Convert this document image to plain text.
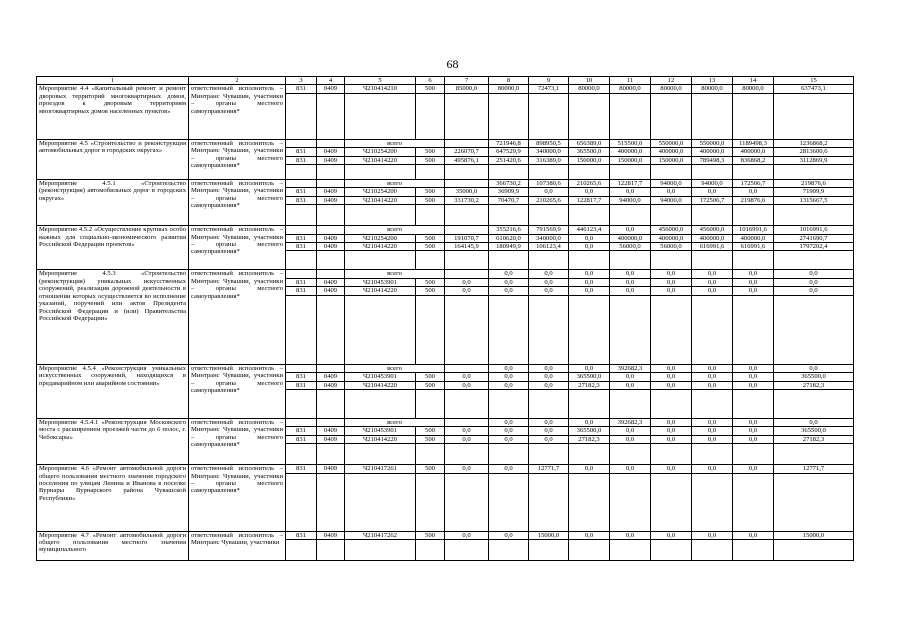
68
1	2	3	4	5	6	7	8	9	10	11	12	13	14	15	
Мероприятие 4.4 «Капитальный ремонт и ремонт дворовых территорий многоквартирных домов, проездов к дворовым территориям многоквартирных домов населенных пунктов»	ответственный исполнитель – Минтранс Чувашии, участники – органы местного самоуправления*	831	0409	Ч210414210	500	85000,0	80000,0	72473,1	80000,0	80000,0	80000,0	80000,0	80000,0	637473,1	

Мероприятие 4.5 «Строительство и реконструкция автомобильных дорог в городских округах»	ответственный исполнитель – Минтранс Чувашии, участники – органы местного самоуправления*			всего			721946,8	898950,5	656389,0	515500,0	550000,0	550000,0	1189498,3	1236868,2	
		831	0409	Ч210254200	500	226070,7	647529,9	340000,0	365500,0	400000,0	400000,0	400000,0	400000,0	2813600,6	
		831	0409	Ч210414220	500	495876,1	251420,6	316389,0	150000,0	150000,0	150000,0	789498,3	836868,2	3112869,9	

Мероприятие 4.5.1 «Строительство (реконструкция) автомобильных дорог в городских округах»	ответственный исполнитель – Минтранс Чувашии, участники – органы местного самоуправления*			всего			366730,2	107380,6	210265,6	122817,7	94000,0	94000,0	172506,7	219876,6	
		831	0409	Ч210254200	500	35000,0	36909,9	0,0	0,0	0,0	0,0	0,0	0,0	71909,9	
		831	0409	Ч210414220	500	331730,2	70470,7	210265,6	122817,7	94000,0	94000,0	172506,7	219876,6	1315667,5	

Мероприятие 4.5.2 «Осуществление крупных особо важных для социально-экономического развития Российской Федерации проектов»	ответственный исполнитель – Минтранс Чувашии, участники – органы местного самоуправления*			всего			355216,6	791569,9	446123,4	0,0	456000,0	456000,0	1016991,6	1016991,6	
		831	0409	Ч210254200	500	191070,7	610620,0	340000,0	0,0	400000,0	400000,0	400000,0	400000,0	2741690,7	
		831	0409	Ч210414220	500	164145,9	180949,9	106123,4	0,0	56000,0	56000,0	616991,6	616991,6	1797202,4	

Мероприятие 4.5.3 «Строительство (реконструкция) уникальных искусственных сооружений, реализация дорожной деятельности в отношении которых осуществляется во исполнение указаний, поручений или актов Президента Российской Федерации и (или) Правительства Российской Федерации»	ответственный исполнитель – Минтранс Чувашии, участники – органы местного самоуправления*			всего			0,0	0,0	0,0	0,0	0,0	0,0	0,0	0,0	
		831	0409	Ч210453901	500	0,0	0,0	0,0	0,0	0,0	0,0	0,0	0,0	0,0	
		831	0409	Ч210414220	500	0,0	0,0	0,0	0,0	0,0	0,0	0,0	0,0	0,0	

Мероприятие 4.5.4 «Реконструкция уникальных искусственных сооружений, находящихся в предаварийном или аварийном состоянии»	ответственный исполнитель – Минтранс Чувашии, участники – органы местного самоуправления*			всего			0,0	0,0	0,0	392682,3	0,0	0,0	0,0	0,0	
		831	0409	Ч210453901	500	0,0	0,0	0,0	365500,0	0,0	0,0	0,0	0,0	365500,0	
		831	0409	Ч210414220	500	0,0	0,0	0,0	27182,3	0,0	0,0	0,0	0,0	27182,3	

Мероприятие 4.5.4.1 «Реконструкция Московского моста с расширением проезжей части до 6 полос, г. Чебоксары»	ответственный исполнитель – Минтранс Чувашии, участники – органы местного самоуправления*			всего			0,0	0,0	0,0	392682,3	0,0	0,0	0,0	0,0	
		831	0409	Ч210453901	500	0,0	0,0	0,0	365500,0	0,0	0,0	0,0	0,0	365500,0	
		831	0409	Ч210414220	500	0,0	0,0	0,0	27182,3	0,0	0,0	0,0	0,0	27182,3	

Мероприятие 4.6 «Ремонт автомобильной дороги общего пользования местного значения городского поселения по улицам Ленина и Иванова в поселке Вурнары Вурнарского района Чувашской Республики»	ответственный исполнитель – Минтранс Чувашии, участники – органы местного самоуправления*	831	0409	Ч210417261	500	0,0	0,0	12771,7	0,0	0,0	0,0	0,0	0,0	12771,7	

Мероприятие 4.7 «Ремонт автомобильной дороги общего пользования местного значения муниципального	ответственный исполнитель – Минтранс Чувашии, участники	831	0409	Ч210417262	500	0,0	0,0	15000,0	0,0	0,0	0,0	0,0	0,0	15000,0	
